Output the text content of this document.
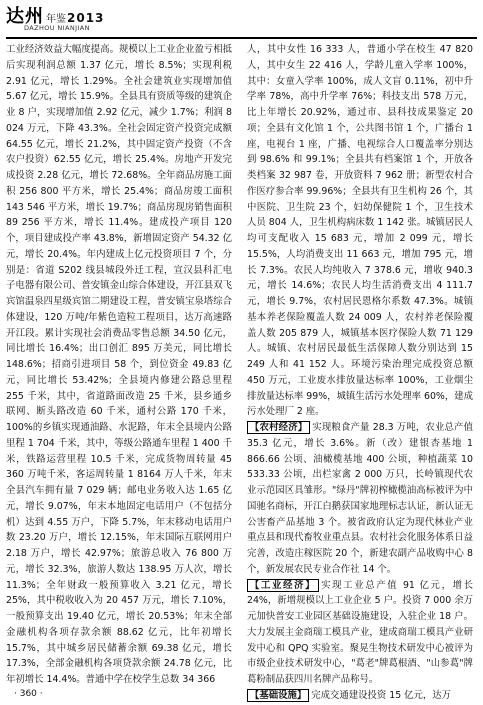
达州 年鉴2013
DAZHOU NIANJIAN

工业经济效益大幅度提高。规模以上工业企业盈亏相抵后实现利润总额 1.37 亿元，增长 8.5%；实现利税 2.91 亿元，增长 1.29%。全社会建筑业实现增加值 5.67 亿元，增长 15.9%。全县具有资质等级的建筑企业 8 户，实现增加值 2.92 亿元，减少 1.7%；利润 8 024 万元，下降 43.3%。全社会固定资产投资完成额 64.55 亿元，增长 21.2%，其中固定资产投资（不含农户投资）62.55 亿元，增长 25.4%。房地产开发完成投资 2.28 亿元，增长 72.68%。全年商品房施工面积 256 800 平方米，增长 25.4%；商品房竣工面积 143 546 平方米，增长 19.7%；商品房现房销售面积 89 256 平方米，增长 11.4%。建成投产项目 120 个，项目建成投产率 43.8%，新增固定资产 54.32 亿元，增长 20.4%。年内建成上亿元投资项目 7 个，分别是：省道 S202 线县城段外迁工程，宣汉县科汇电子电器有限公司、普安镇金山综合体建设，开江县双飞宾馆温泉四星级宾馆二期建设工程，普安镇宝泉塔综合体建设，120 万吨/年紫色造粒工程项目，达万高速路开江段。累计实现社会消费品零售总额 34.50 亿元，同比增长 16.4%；出口创汇 895 万美元，同比增长 148.6%；招商引进项目 58 个，到位资金 49.83 亿元，同比增长 53.42%；全县境内修建公路总里程 255 千米，其中，省道路面改造 25 千米，县乡通乡联网、断头路改造 60 千米，通村公路 170 千米，100%的乡镇实现通油路、水泥路，年末全县境内公路里程 1 704 千米，其中，等级公路通车里程 1 400 千米，铁路运营里程 10.5 千米，完成货物周转量 45 360 万吨千米，客运周转量 1 8164 万人千米，年末全县汽车拥有量 7 029 辆；邮电业务收入达 1.65 亿元，增长 9.07%，年末本地固定电话用户（不包括分机）达到 4.55 万户，下降 5.7%，年末移动电话用户数 23.20 万户，增长 12.15%，年末国际互联网用户 2.18 万户，增长 42.97%；旅游总收入 76 800 万元，增长 32.3%，旅游人数达 138.95 万人次，增长 11.3%；全年财政一般预算收入 3.21 亿元，增长 25%，其中税收收入为 20 457 万元，增长 7.10%，一般预算支出 19.40 亿元，增长 20.53%；年末全部金融机构各项存款余额 88.62 亿元，比年初增长 15.7%，其中城乡居民储蓄余额 69.38 亿元，增长 17.3%，全部金融机构各项贷款余额 24.78 亿元，比年初增长 14.4%。普通中学在校学生总数 34 366

人，其中女性 16 333 人，普通小学在校生 47 820 人，其中女生 22 416 人，学龄儿童入学率 100%，其中：女童入学率 100%，成人文盲 0.11%，初中升学率 78%，高中升学率 76%；科技支出 578 万元，比上年增长 20.92%，通过市、县科技成果鉴定 20 项；全县有文化馆 1 个，公共图书馆 1 个，广播台 1 座，电视台 1 座，广播、电视综合人口覆盖率分别达到 98.6% 和 99.1%；全县共有档案馆 1 个，开放各类档案 32 987 卷，开放资料 7 962 册；新型农村合作医疗参合率 99.96%；全县共有卫生机构 26 个，其中医院、卫生院 23 个，妇幼保健院 1 个，卫生技术人员 804 人，卫生机构病床数 1 142 张。城镇居民人均可支配收入 15 683 元，增加 2 099 元，增长 15.5%，人均消费支出 11 663 元，增加 795 元，增长 7.3%。农民人均纯收入 7 378.6 元，增收 940.3 元，增长 14.6%；农民人均生活消费支出 4 111.7 元，增长 9.7%，农村居民恩格尔系数 47.3%。城镇基本养老保险覆盖人数 24 009 人，农村养老保险覆盖人数 205 879 人，城镇基本医疗保险人数 71 129 人。城镇、农村居民最低生活保障人数分别达到 15 249 人和 41 152 人。环境污染治理完成投资总额 450 万元，工业废水排放量达标率 100%，工业烟尘排放量达标率 99%，城镇生活污水处理率 60%，建成污水处理厂 2 座。

【农村经济】 实现粮食产量 28.3 万吨，农业总产值 35.3 亿元，增长 3.6%。新（改）建银杏基地 1 866.66 公顷、油橄榄基地 400 公顷，种植蔬菜 10 533.33 公顷，出栏家禽 2 000 万只，长岭镇现代农业示范园区具雏形。"绿丹"牌初榨橄榄油高标被评为中国驰名商标，开江白鹅获国家地理标志认证，新认证无公害畜产品基地 3 个。被省政府认定为现代林业产业重点县和现代畜牧业重点县。农村社会化服务体系日益完善，改造庄稼医院 20 个，新建农副产品收购中心 8 个，新发展农民专业合作社 14 个。

【工业经济】 实现工业总产值 91 亿元，增长 24%，新增规模以上工业企业 5 户。投资 7 000 余万元加快普安工业园区基础设施建设，入驻企业 18 户。大力发展主金商瑞工模具产业，建成商瑞工模具产业研发中心和 QPQ 实验室。聚晃生物技术研发中心被评为市级企业技术研发中心，"葛老"牌葛根酒、"山参葛"牌葛粉制品获四川名牌产品称号。

【基础设施】 完成交通建设投资 15 亿元，达万

· 360 ·
